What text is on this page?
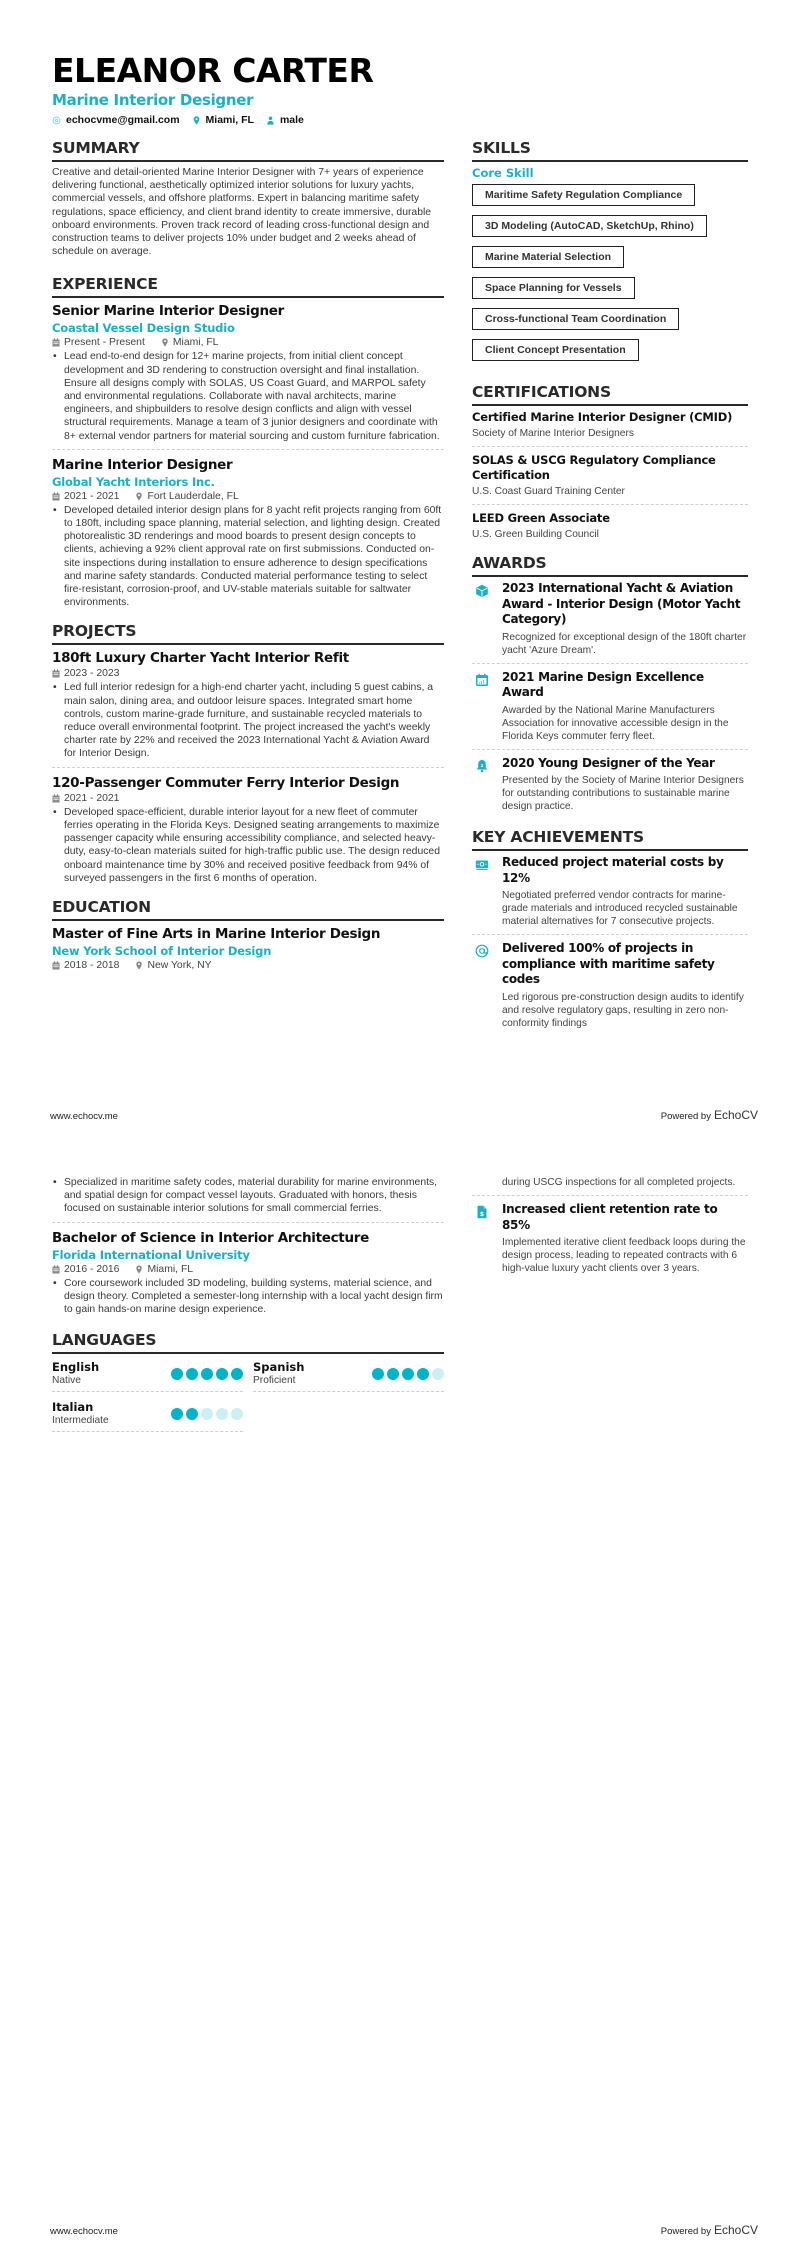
ELEANOR CARTER
Marine Interior Designer
echocvme@gmail.com Miami, FL male
SUMMARY

Creative and detail-oriented Marine Interior Designer with 7+ years of experience delivering functional, aesthetically optimized interior solutions for luxury yachts, commercial vessels, and offshore platforms. Expert in balancing maritime safety regulations, space efficiency, and client brand identity to create immersive, durable onboard environments. Proven track record of leading cross-functional design and construction teams to deliver projects 10% under budget and 2 weeks ahead of schedule on average.

EXPERIENCE
Senior Marine Interior Designer
Coastal Vessel Design Studio
Present - Present	Miami, FL
• Lead end-to-end design for 12+ marine projects, from initial client concept development and 3D rendering to construction oversight and final installation. Ensure all designs comply with SOLAS, US Coast Guard, and MARPOL safety and environmental regulations. Collaborate with naval architects, marine engineers, and shipbuilders to resolve design conflicts and align with vessel structural requirements. Manage a team of 3 junior designers and coordinate with 8+ external vendor partners for material sourcing and custom furniture fabrication.
Marine Interior Designer
Global Yacht Interiors Inc.
2021 - 2021	Fort Lauderdale, FL
• Developed detailed interior design plans for 8 yacht refit projects ranging from 60ft to 180ft, including space planning, material selection, and lighting design. Created photorealistic 3D renderings and mood boards to present design concepts to clients, achieving a 92% client approval rate on first submissions. Conducted on-site inspections during installation to ensure adherence to design specifications and marine safety standards. Conducted material performance testing to select fire-resistant, corrosion-proof, and UV-stable materials suitable for saltwater environments.
PROJECTS
180ft Luxury Charter Yacht Interior Refit
2023 - 2023
• Led full interior redesign for a high-end charter yacht, including 5 guest cabins, a main salon, dining area, and outdoor leisure spaces. Integrated smart home controls, custom marine-grade furniture, and sustainable recycled materials to reduce overall environmental footprint. The project increased the yacht's weekly charter rate by 22% and received the 2023 International Yacht & Aviation Award for Interior Design.
120-Passenger Commuter Ferry Interior Design
2021 - 2021
• Developed space-efficient, durable interior layout for a new fleet of commuter ferries operating in the Florida Keys. Designed seating arrangements to maximize passenger capacity while ensuring accessibility compliance, and selected heavy-duty, easy-to-clean materials suited for high-traffic public use. The design reduced onboard maintenance time by 30% and received positive feedback from 94% of surveyed passengers in the first 6 months of operation.
EDUCATION
Master of Fine Arts in Marine Interior Design
New York School of Interior Design
2018 - 2018	New York, NY
SKILLS
Core Skill
Maritime Safety Regulation Compliance
3D Modeling (AutoCAD, SketchUp, Rhino)
Marine Material Selection
Space Planning for Vessels
Cross-functional Team Coordination
Client Concept Presentation
CERTIFICATIONS
Certified Marine Interior Designer (CMID)
Society of Marine Interior Designers
SOLAS & USCG Regulatory Compliance Certification
U.S. Coast Guard Training Center
LEED Green Associate
U.S. Green Building Council
AWARDS
2023 International Yacht & Aviation Award - Interior Design (Motor Yacht Category)
Recognized for exceptional design of the 180ft charter yacht 'Azure Dream'.
2021 Marine Design Excellence Award
Awarded by the National Marine Manufacturers Association for innovative accessible design in the Florida Keys commuter ferry fleet.
z 2020 Young Designer of the Year
Presented by the Society of Marine Interior Designers for outstanding contributions to sustainable marine design practice.
KEY ACHIEVEMENTS
Reduced project material costs by 12%
Negotiated preferred vendor contracts for marine-grade materials and introduced recycled sustainable material alternatives for 7 consecutive projects.
Delivered 100% of projects in compliance with maritime safety codes
Led rigorous pre-construction design audits to identify and resolve regulatory gaps, resulting in zero non-conformity findings
www.echocv.me	Powered by EchoCV
• Specialized in maritime safety codes, material durability for marine environments, and spatial design for compact vessel layouts. Graduated with honors, thesis focused on sustainable interior solutions for small commercial ferries.
Bachelor of Science in Interior Architecture
Florida International University
2016 - 2016	Miami, FL
• Core coursework included 3D modeling, building systems, material science, and design theory. Completed a semester-long internship with a local yacht design firm to gain hands-on marine design experience.
LANGUAGES
English
Native
Spanish
Proficient
Italian
Intermediate
during USCG inspections for all completed projects.
$ Increased client retention rate to 85%
Implemented iterative client feedback loops during the design process, leading to repeated contracts with 6 high-value luxury yacht clients over 3 years.
www.echocv.me	Powered by EchoCV
